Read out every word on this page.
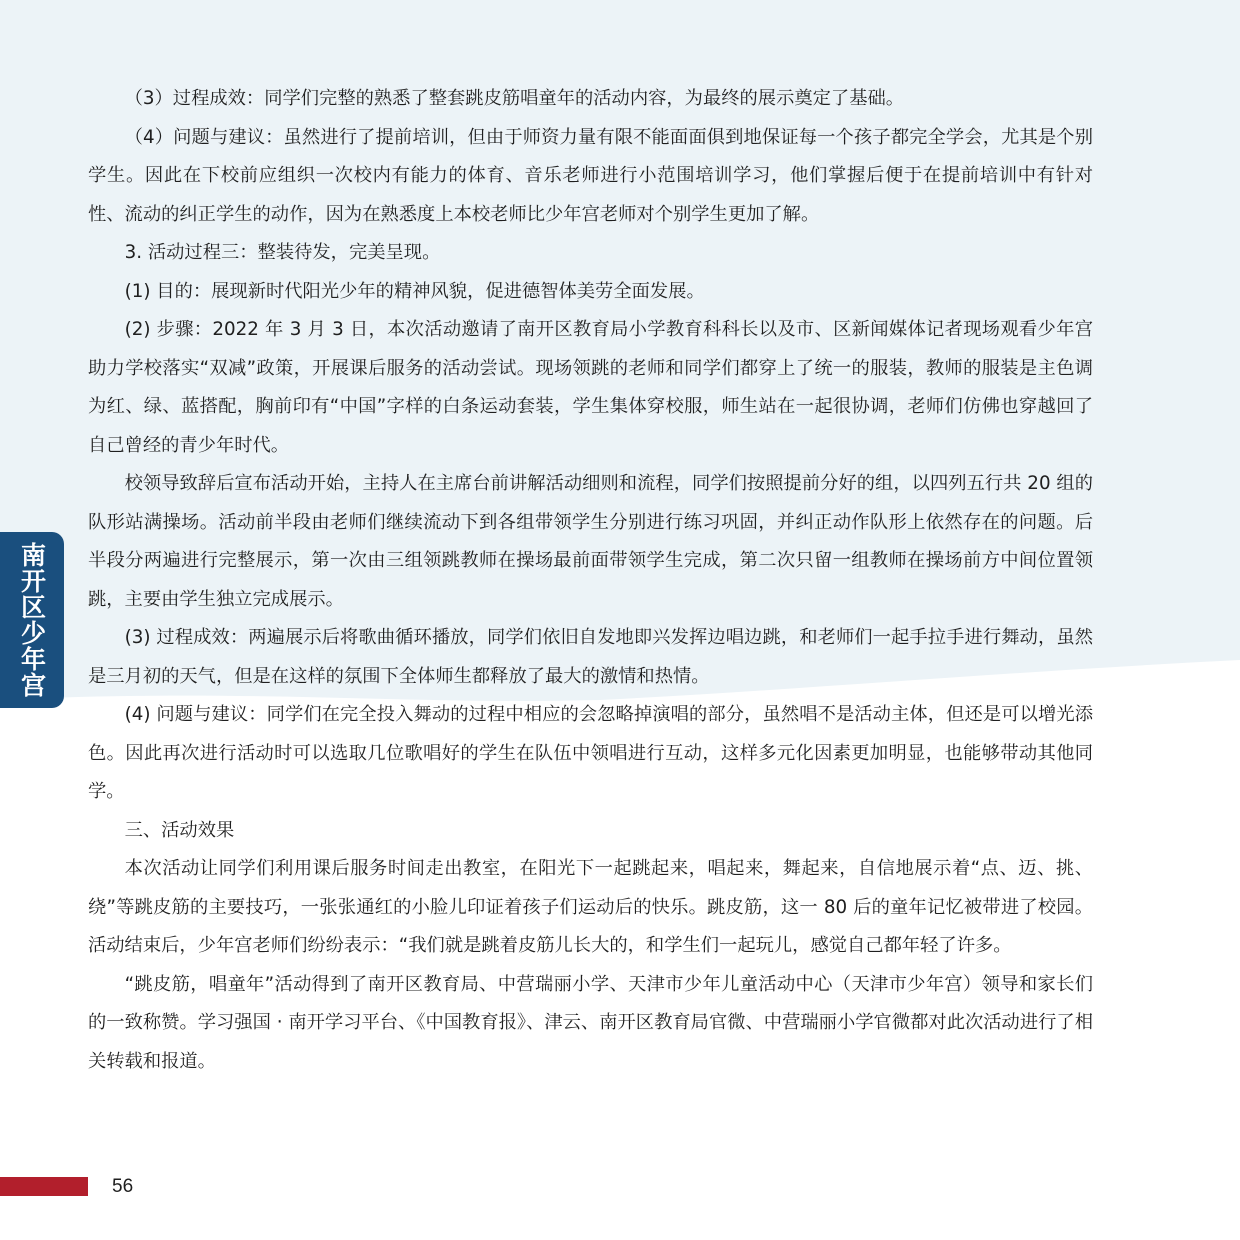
南开区少年宫

（3）过程成效：同学们完整的熟悉了整套跳皮筋唱童年的活动内容，为最终的展示奠定了基础。

（4）问题与建议：虽然进行了提前培训，但由于师资力量有限不能面面俱到地保证每一个孩子都完全学会，尤其是个别学生。因此在下校前应组织一次校内有能力的体育、音乐老师进行小范围培训学习，他们掌握后便于在提前培训中有针对性、流动的纠正学生的动作，因为在熟悉度上本校老师比少年宫老师对个别学生更加了解。

3. 活动过程三：整装待发，完美呈现。

(1) 目的：展现新时代阳光少年的精神风貌，促进德智体美劳全面发展。

(2) 步骤：2022 年 3 月 3 日，本次活动邀请了南开区教育局小学教育科科长以及市、区新闻媒体记者现场观看少年宫助力学校落实“双减”政策，开展课后服务的活动尝试。现场领跳的老师和同学们都穿上了统一的服装，教师的服装是主色调为红、绿、蓝搭配，胸前印有“中国”字样的白条运动套装，学生集体穿校服，师生站在一起很协调，老师们仿佛也穿越回了自己曾经的青少年时代。

校领导致辞后宣布活动开始，主持人在主席台前讲解活动细则和流程，同学们按照提前分好的组，以四列五行共 20 组的队形站满操场。活动前半段由老师们继续流动下到各组带领学生分别进行练习巩固，并纠正动作队形上依然存在的问题。后半段分两遍进行完整展示，第一次由三组领跳教师在操场最前面带领学生完成，第二次只留一组教师在操场前方中间位置领跳，主要由学生独立完成展示。

(3) 过程成效：两遍展示后将歌曲循环播放，同学们依旧自发地即兴发挥边唱边跳，和老师们一起手拉手进行舞动，虽然是三月初的天气，但是在这样的氛围下全体师生都释放了最大的激情和热情。

(4) 问题与建议：同学们在完全投入舞动的过程中相应的会忽略掉演唱的部分，虽然唱不是活动主体，但还是可以增光添色。因此再次进行活动时可以选取几位歌唱好的学生在队伍中领唱进行互动，这样多元化因素更加明显，也能够带动其他同学。

三、活动效果

本次活动让同学们利用课后服务时间走出教室，在阳光下一起跳起来，唱起来，舞起来，自信地展示着“点、迈、挑、绕”等跳皮筋的主要技巧，一张张通红的小脸儿印证着孩子们运动后的快乐。跳皮筋，这一 80 后的童年记忆被带进了校园。活动结束后，少年宫老师们纷纷表示：“我们就是跳着皮筋儿长大的，和学生们一起玩儿，感觉自己都年轻了许多。

“跳皮筋，唱童年”活动得到了南开区教育局、中营瑞丽小学、天津市少年儿童活动中心（天津市少年宫）领导和家长们的一致称赞。学习强国 · 南开学习平台、《中国教育报》、津云、南开区教育局官微、中营瑞丽小学官微都对此次活动进行了相关转载和报道。

56
